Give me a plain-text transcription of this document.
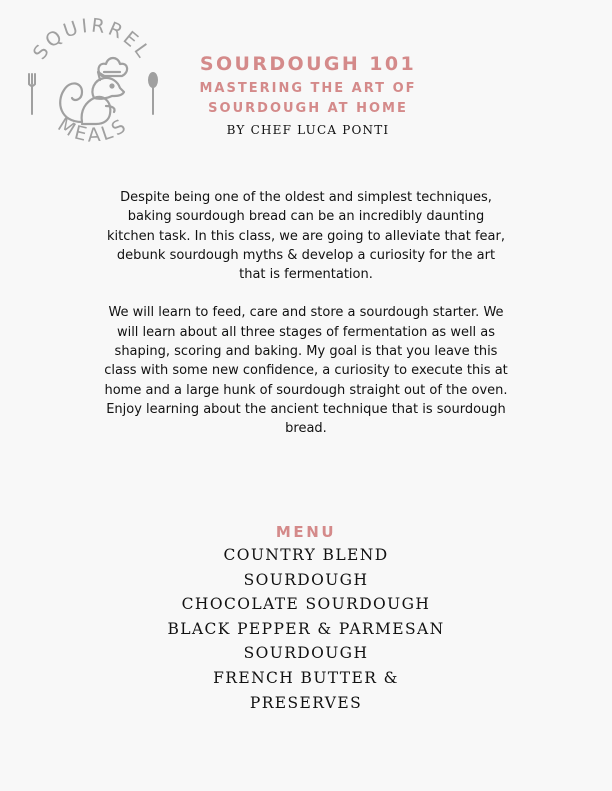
SQUIRREL
MEALS
SOURDOUGH 101
MASTERING THE ART OF
SOURDOUGH AT HOME
BY CHEF LUCA PONTI

Despite being one of the oldest and simplest techniques,
baking sourdough bread can be an incredibly daunting
kitchen task. In this class, we are going to alleviate that fear,
debunk sourdough myths & develop a curiosity for the art
that is fermentation.

We will learn to feed, care and store a sourdough starter. We
will learn about all three stages of fermentation as well as
shaping, scoring and baking. My goal is that you leave this
class with some new confidence, a curiosity to execute this at
home and a large hunk of sourdough straight out of the oven.
Enjoy learning about the ancient technique that is sourdough
bread.

MENU
COUNTRY BLEND
SOURDOUGH
CHOCOLATE SOURDOUGH
BLACK PEPPER & PARMESAN
SOURDOUGH
FRENCH BUTTER &
PRESERVES
